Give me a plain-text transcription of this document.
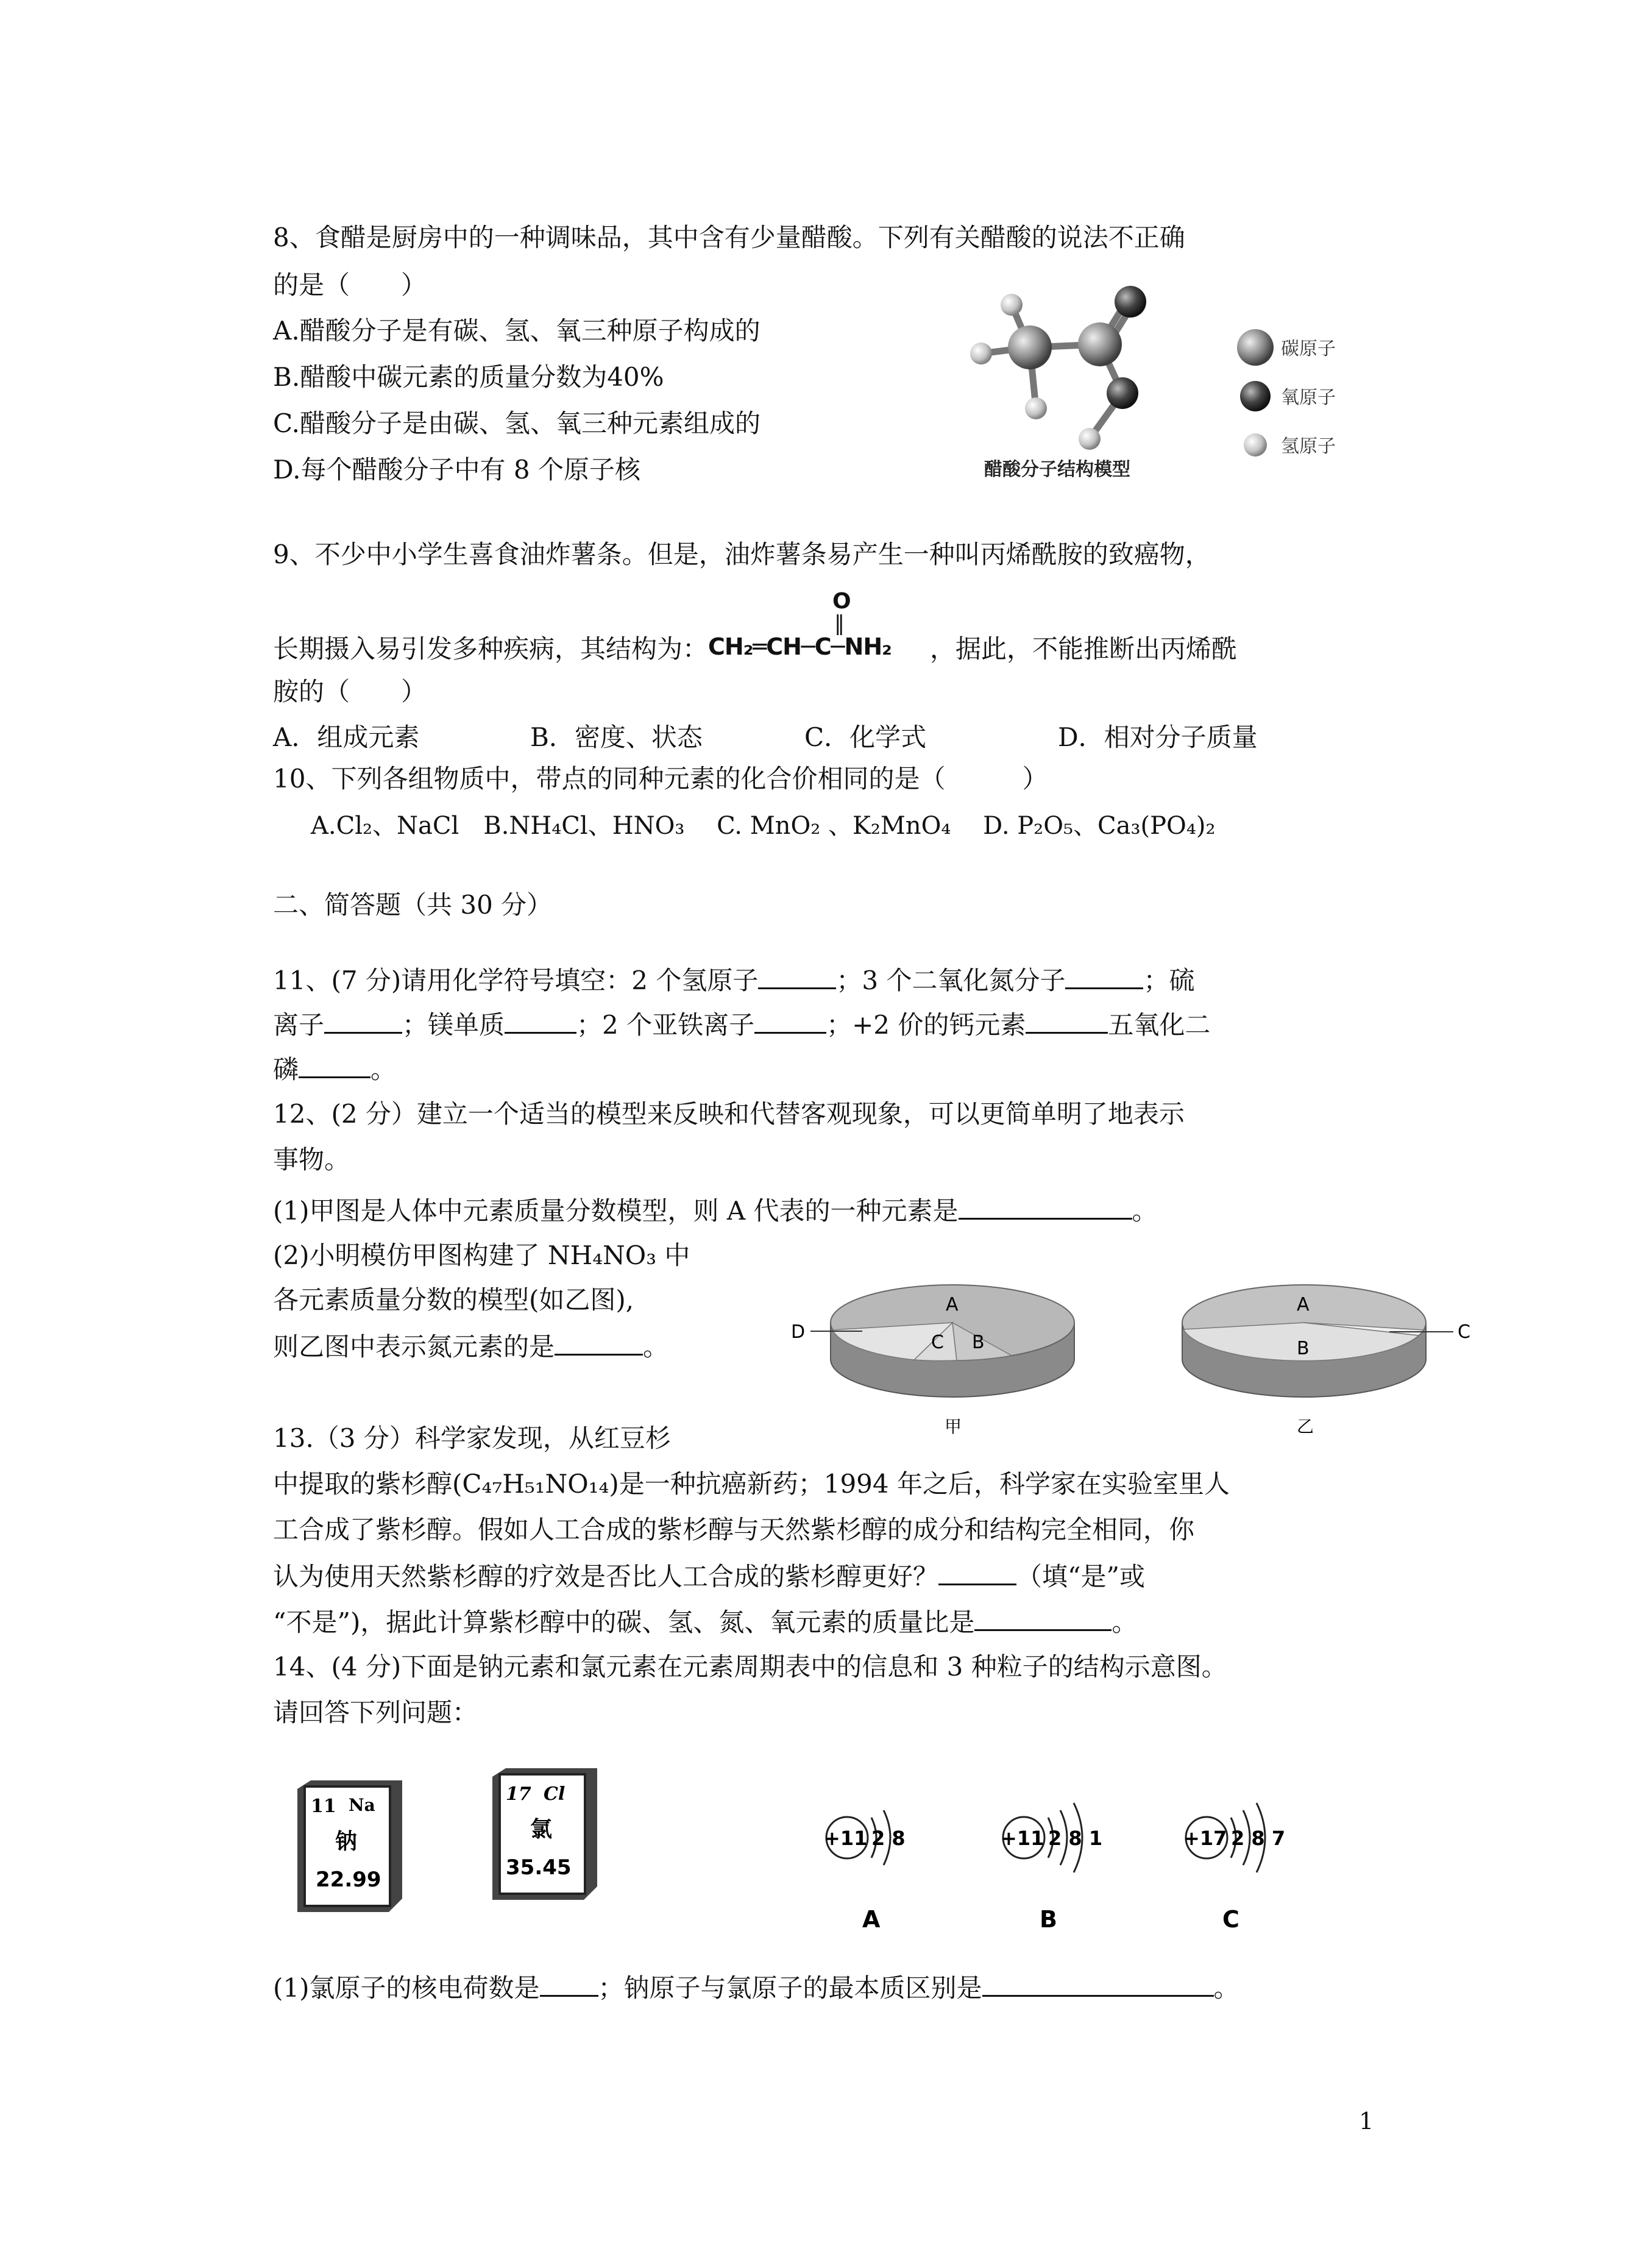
8、食醋是厨房中的一种调味品，其中含有少量醋酸。下列有关醋酸的说法不正确
的是（　　）
A.醋酸分子是有碳、氢、氧三种原子构成的
B.醋酸中碳元素的质量分数为40%
C.醋酸分子是由碳、氢、氧三种元素组成的
D.每个醋酸分子中有 8 个原子核
碳原子
氧原子
氢原子
醋酸分子结构模型
9、不少中小学生喜食油炸薯条。但是，油炸薯条易产生一种叫丙烯酰胺的致癌物，
长期摄入易引发多种疾病，其结构为：
O
‖
CH₂═CH─C─NH₂ ，据此，不能推断出丙烯酰
胺的（　　）
A．组成元素	B．密度、状态	C．化学式	D．相对分子质量
10、下列各组物质中，带点的同种元素的化合价相同的是（　　　）
A.Cl₂、NaCl　B.NH₄Cl、HNO₃　 C. MnO₂ 、K₂MnO₄　 D. P₂O₅、Ca₃(PO₄)₂
二、简答题（共 30 分）
11、(7 分)请用化学符号填空：2 个氢原子	；3 个二氧化氮分子	；硫
离子	；镁单质	；2 个亚铁离子	；+2 价的钙元素	五氧化二
磷	。
12、(2 分）建立一个适当的模型来反映和代替客观现象，可以更简单明了地表示
事物。
(1)甲图是人体中元素质量分数模型，则 A 代表的一种元素是	。
(2)小明模仿甲图构建了 NH₄NO₃ 中
各元素质量分数的模型(如乙图),
则乙图中表示氮元素的是	。
A
B
C
D
甲
A
B
C
乙
13.（3 分）科学家发现，从红豆杉
中提取的紫杉醇(C₄₇H₅₁NO₁₄)是一种抗癌新药；1994 年之后，科学家在实验室里人
工合成了紫杉醇。假如人工合成的紫杉醇与天然紫杉醇的成分和结构完全相同，你
认为使用天然紫杉醇的疗效是否比人工合成的紫杉醇更好？	（填“是”或
“不是”)，据此计算紫杉醇中的碳、氢、氮、氧元素的质量比是	。
14、(4 分)下面是钠元素和氯元素在元素周期表中的信息和 3 种粒子的结构示意图。
请回答下列问题：
11 Na
钠
22.99
17 Cl
氯
35.45
+11 2 8
A
+11 2 8 1
B
+17 2 8 7
C
(1)氯原子的核电荷数是 ；钠原子与氯原子的最本质区别是	。
1
